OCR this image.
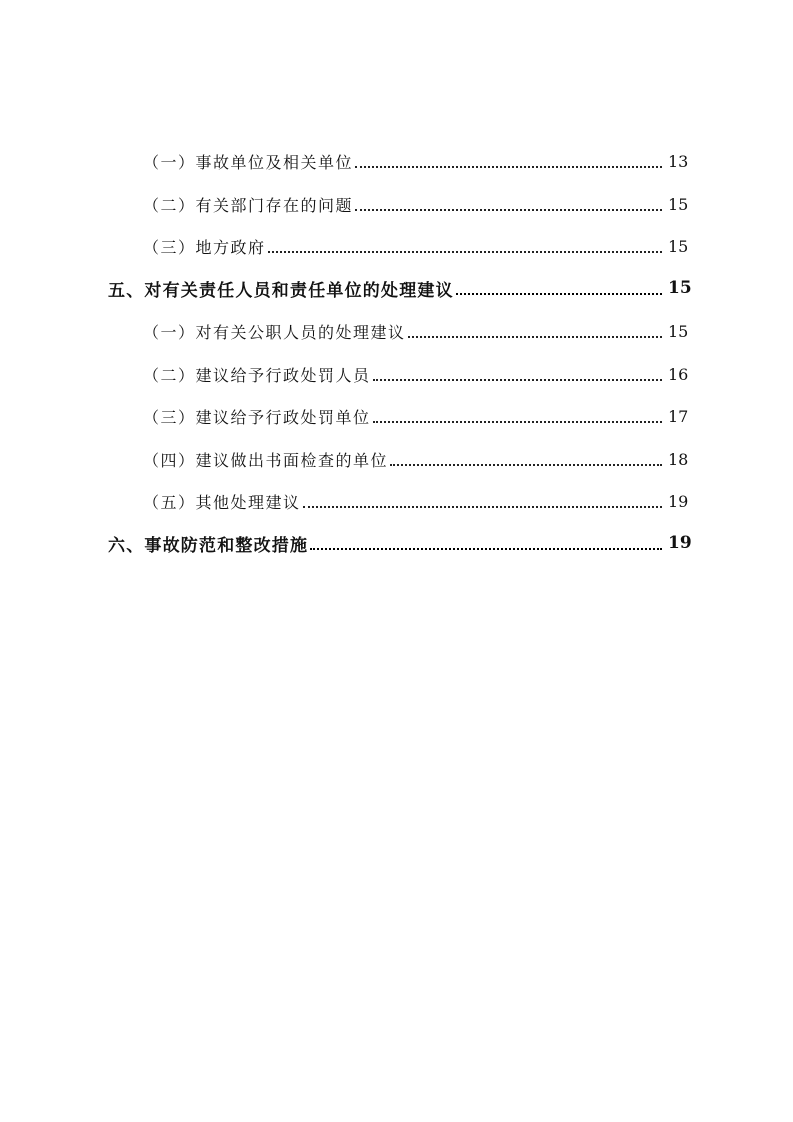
（一）事故单位及相关单位	13
（二）有关部门存在的问题	15
（三）地方政府	15
五、对有关责任人员和责任单位的处理建议	15
（一）对有关公职人员的处理建议	15
（二）建议给予行政处罚人员	16
（三）建议给予行政处罚单位	17
（四）建议做出书面检查的单位	18
（五）其他处理建议	19
六、事故防范和整改措施	19
